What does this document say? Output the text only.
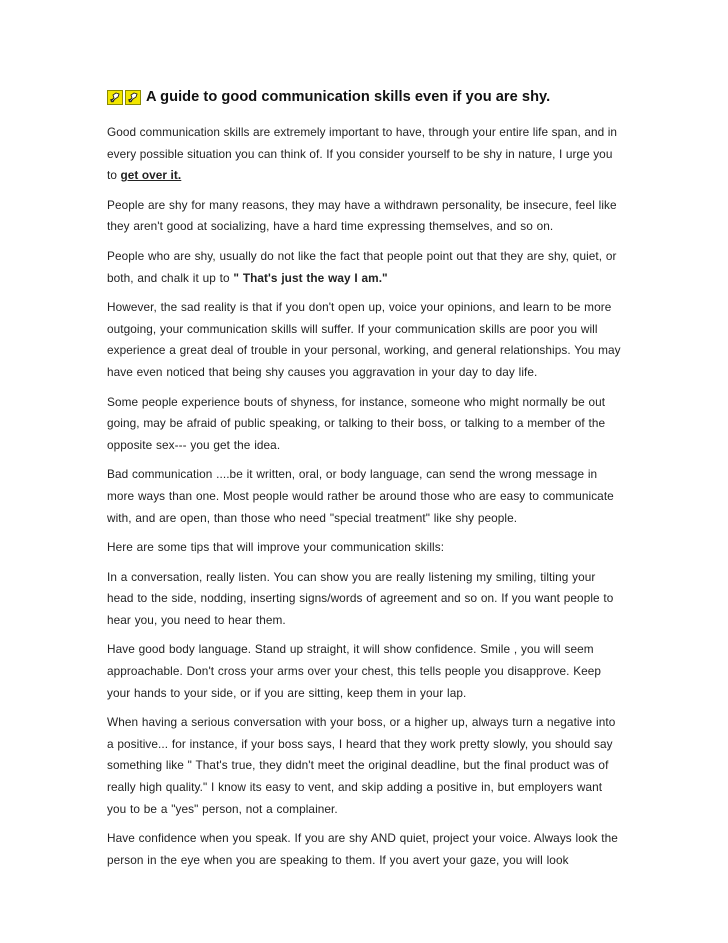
A guide to good communication skills even if you are shy.

Good communication skills are extremely important to have, through your entire life span, and in every possible situation you can think of. If you consider yourself to be shy in nature, I urge you to get over it.

People are shy for many reasons, they may have a withdrawn personality, be insecure, feel like they aren't good at socializing, have a hard time expressing themselves, and so on.

People who are shy, usually do not like the fact that people point out that they are shy, quiet, or both, and chalk it up to " That's just the way I am."

However, the sad reality is that if you don't open up, voice your opinions, and learn to be more outgoing, your communication skills will suffer. If your communication skills are poor you will experience a great deal of trouble in your personal, working, and general relationships. You may have even noticed that being shy causes you aggravation in your day to day life.

Some people experience bouts of shyness, for instance, someone who might normally be out going, may be afraid of public speaking, or talking to their boss, or talking to a member of the opposite sex--- you get the idea.

Bad communication ....be it written, oral, or body language, can send the wrong message in more ways than one. Most people would rather be around those who are easy to communicate with, and are open, than those who need "special treatment" like shy people.

Here are some tips that will improve your communication skills:

In a conversation, really listen. You can show you are really listening my smiling, tilting your head to the side, nodding, inserting signs/words of agreement and so on. If you want people to hear you, you need to hear them.

Have good body language. Stand up straight, it will show confidence. Smile , you will seem approachable. Don't cross your arms over your chest, this tells people you disapprove. Keep your hands to your side, or if you are sitting, keep them in your lap.

When having a serious conversation with your boss, or a higher up, always turn a negative into a positive... for instance, if your boss says, I heard that they work pretty slowly, you should say something like " That's true, they didn't meet the original deadline, but the final product was of really high quality." I know its easy to vent, and skip adding a positive in, but employers want you to be a "yes" person, not a complainer.

Have confidence when you speak. If you are shy AND quiet, project your voice. Always look the person in the eye when you are speaking to them. If you avert your gaze, you will look
